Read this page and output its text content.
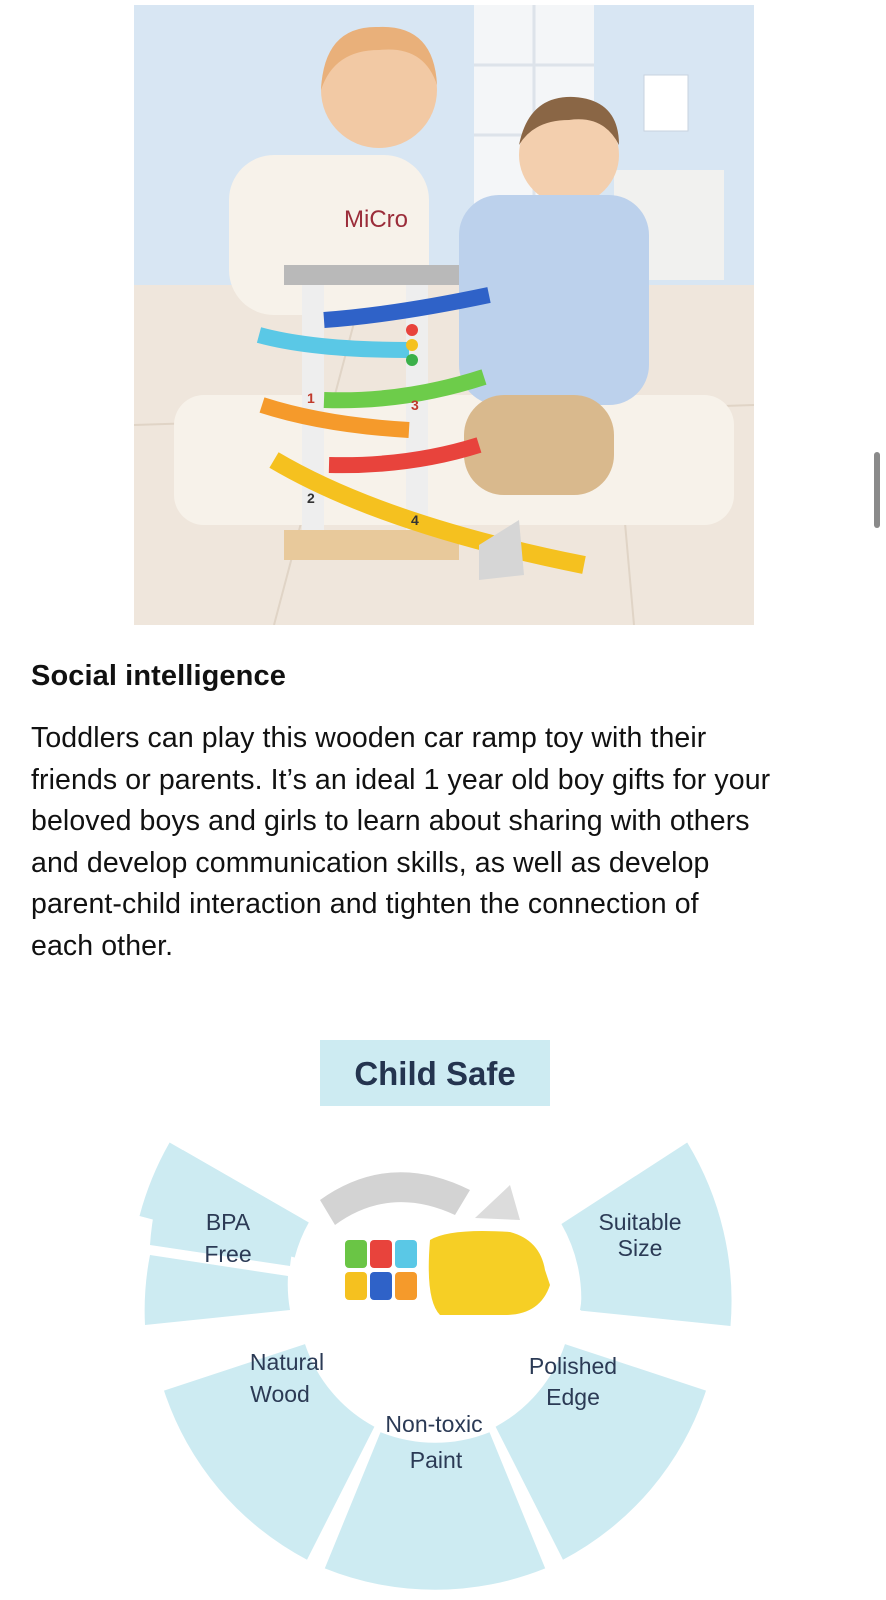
MiCro
1
2
3
4
Social intelligence

Toddlers can play this wooden car ramp toy with their
friends or parents. It’s an ideal 1 year old boy gifts for your
beloved boys and girls to learn about sharing with others
and develop communication skills, as well as develop
parent-child interaction and tighten the connection of
each other.

Child Safe
BPA
Free
Natural
Wood
Non-toxic
Paint
Polished
Edge
Suitable
Size
